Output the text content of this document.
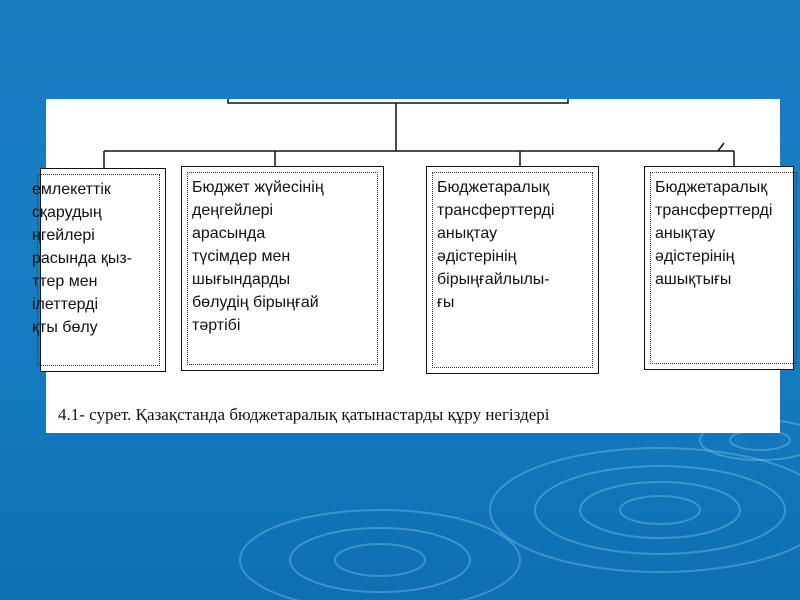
емлекеттік
сқарудың
ңгейлері
расында қыз-
ттер мен
ілеттерді
қты бөлу
Бюджет жүйесінің
деңгейлері
арасында
түсімдер мен
шығындарды
бөлудің бірыңғай
тәртібі
Бюджетаралық
трансферттерді
анықтау
әдістерінің
бірыңғайлылы-
ғы
Бюджетаралық
трансферттерді
анықтау
әдістерінің
ашықтығы
4.1- сурет. Қазақстанда бюджетаралық қатынастарды құру негіздері
